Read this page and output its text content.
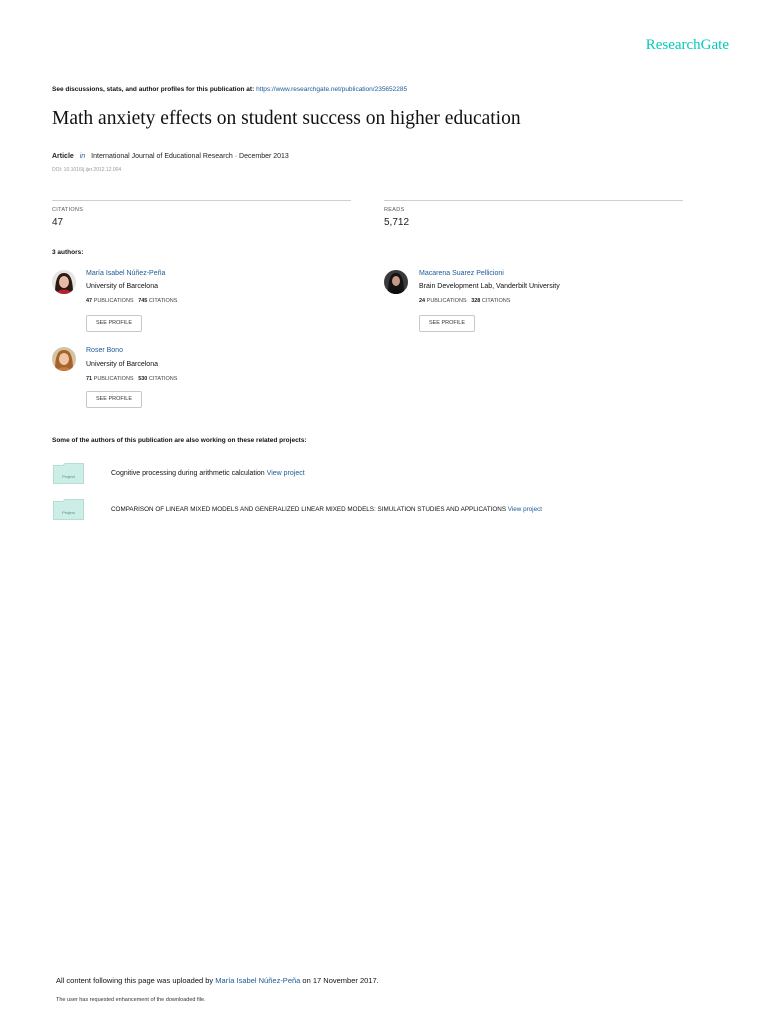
ResearchGate
See discussions, stats, and author profiles for this publication at: https://www.researchgate.net/publication/235652285
Math anxiety effects on student success on higher education
Article in International Journal of Educational Research · December 2013
DOI: 10.1016/j.ijer.2012.12.004
CITATIONS
47
READS
5,712
3 authors:
María Isabel Núñez-Peña
University of Barcelona
47 PUBLICATIONS 745 CITATIONS
SEE PROFILE
Macarena Suarez Pellicioni
Brain Development Lab, Vanderbilt University
24 PUBLICATIONS 328 CITATIONS
SEE PROFILE
Roser Bono
University of Barcelona
71 PUBLICATIONS 530 CITATIONS
SEE PROFILE
Some of the authors of this publication are also working on these related projects:
Project	Cognitive processing during arithmetic calculation View project
Project	COMPARISON OF LINEAR MIXED MODELS AND GENERALIZED LINEAR MIXED MODELS: SIMULATION STUDIES AND APPLICATIONS View project
All content following this page was uploaded by María Isabel Núñez-Peña on 17 November 2017.
The user has requested enhancement of the downloaded file.
